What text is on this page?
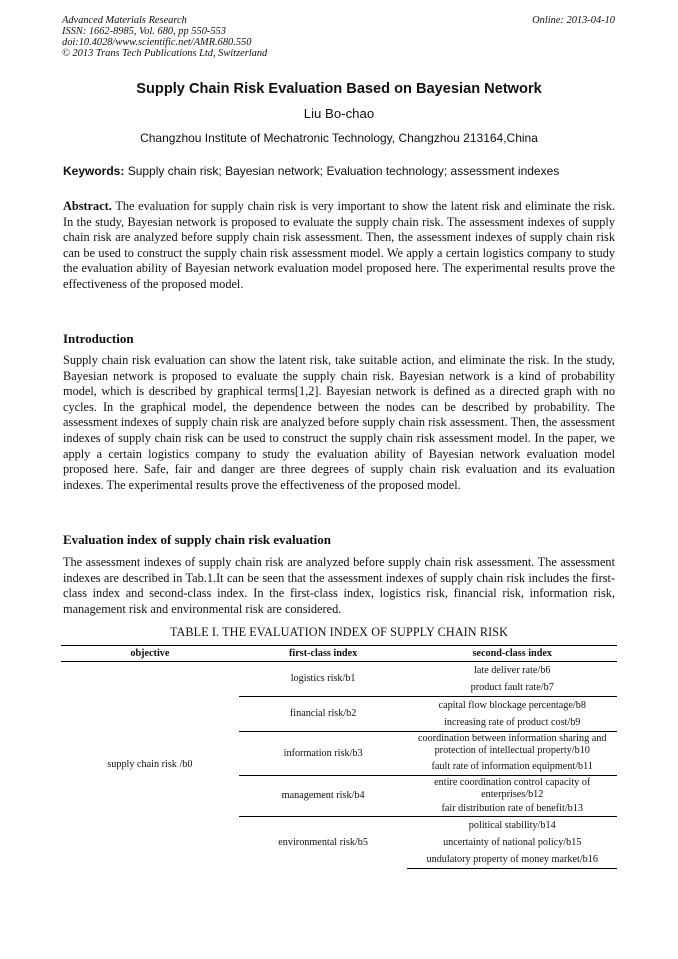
Advanced Materials Research
ISSN: 1662-8985, Vol. 680, pp 550-553
doi:10.4028/www.scientific.net/AMR.680.550
© 2013 Trans Tech Publications Ltd, Switzerland
Online: 2013-04-10
Supply Chain Risk Evaluation Based on Bayesian Network
Liu Bo-chao
Changzhou Institute of Mechatronic Technology, Changzhou 213164,China
Keywords: Supply chain risk; Bayesian network; Evaluation technology; assessment indexes

Abstract. The evaluation for supply chain risk is very important to show the latent risk and eliminate the risk. In the study, Bayesian network is proposed to evaluate the supply chain risk. The assessment indexes of supply chain risk are analyzed before supply chain risk assessment. Then, the assessment indexes of supply chain risk can be used to construct the supply chain risk assessment model. We apply a certain logistics company to study the evaluation ability of Bayesian network evaluation model proposed here. The experimental results prove the effectiveness of the proposed model.

Introduction

Supply chain risk evaluation can show the latent risk, take suitable action, and eliminate the risk. In the study, Bayesian network is proposed to evaluate the supply chain risk. Bayesian network is a kind of probability model, which is described by graphical terms[1,2]. Bayesian network is defined as a directed graph with no cycles. In the graphical model, the dependence between the nodes can be described by probability. The assessment indexes of supply chain risk are analyzed before supply chain risk assessment. Then, the assessment indexes of supply chain risk can be used to construct the supply chain risk assessment model. In the paper, we apply a certain logistics company to study the evaluation ability of Bayesian network evaluation model proposed here. Safe, fair and danger are three degrees of supply chain risk evaluation and its evaluation indexes. The experimental results prove the effectiveness of the proposed model.

Evaluation index of supply chain risk evaluation

The assessment indexes of supply chain risk are analyzed before supply chain risk assessment. The assessment indexes are described in Tab.1.It can be seen that the assessment indexes of supply chain risk includes the first-class index and second-class index. In the first-class index, logistics risk, financial risk, information risk, management risk and environmental risk are considered.

TABLE I. THE EVALUATION INDEX OF SUPPLY CHAIN RISK
objective	first-class index	second-class index
supply chain risk /b0	logistics risk/b1	late deliver rate/b6
		product fault rate/b7
	financial risk/b2	capital flow blockage percentage/b8
		increasing rate of product cost/b9
	information risk/b3	coordination between information sharing and protection of intellectual property/b10
		fault rate of information equipment/b11
	management risk/b4	entire coordination control capacity of enterprises/b12
		fair distribution rate of benefit/b13
	environmental risk/b5	political stability/b14
		uncertainty of national policy/b15
		undulatory property of money market/b16
